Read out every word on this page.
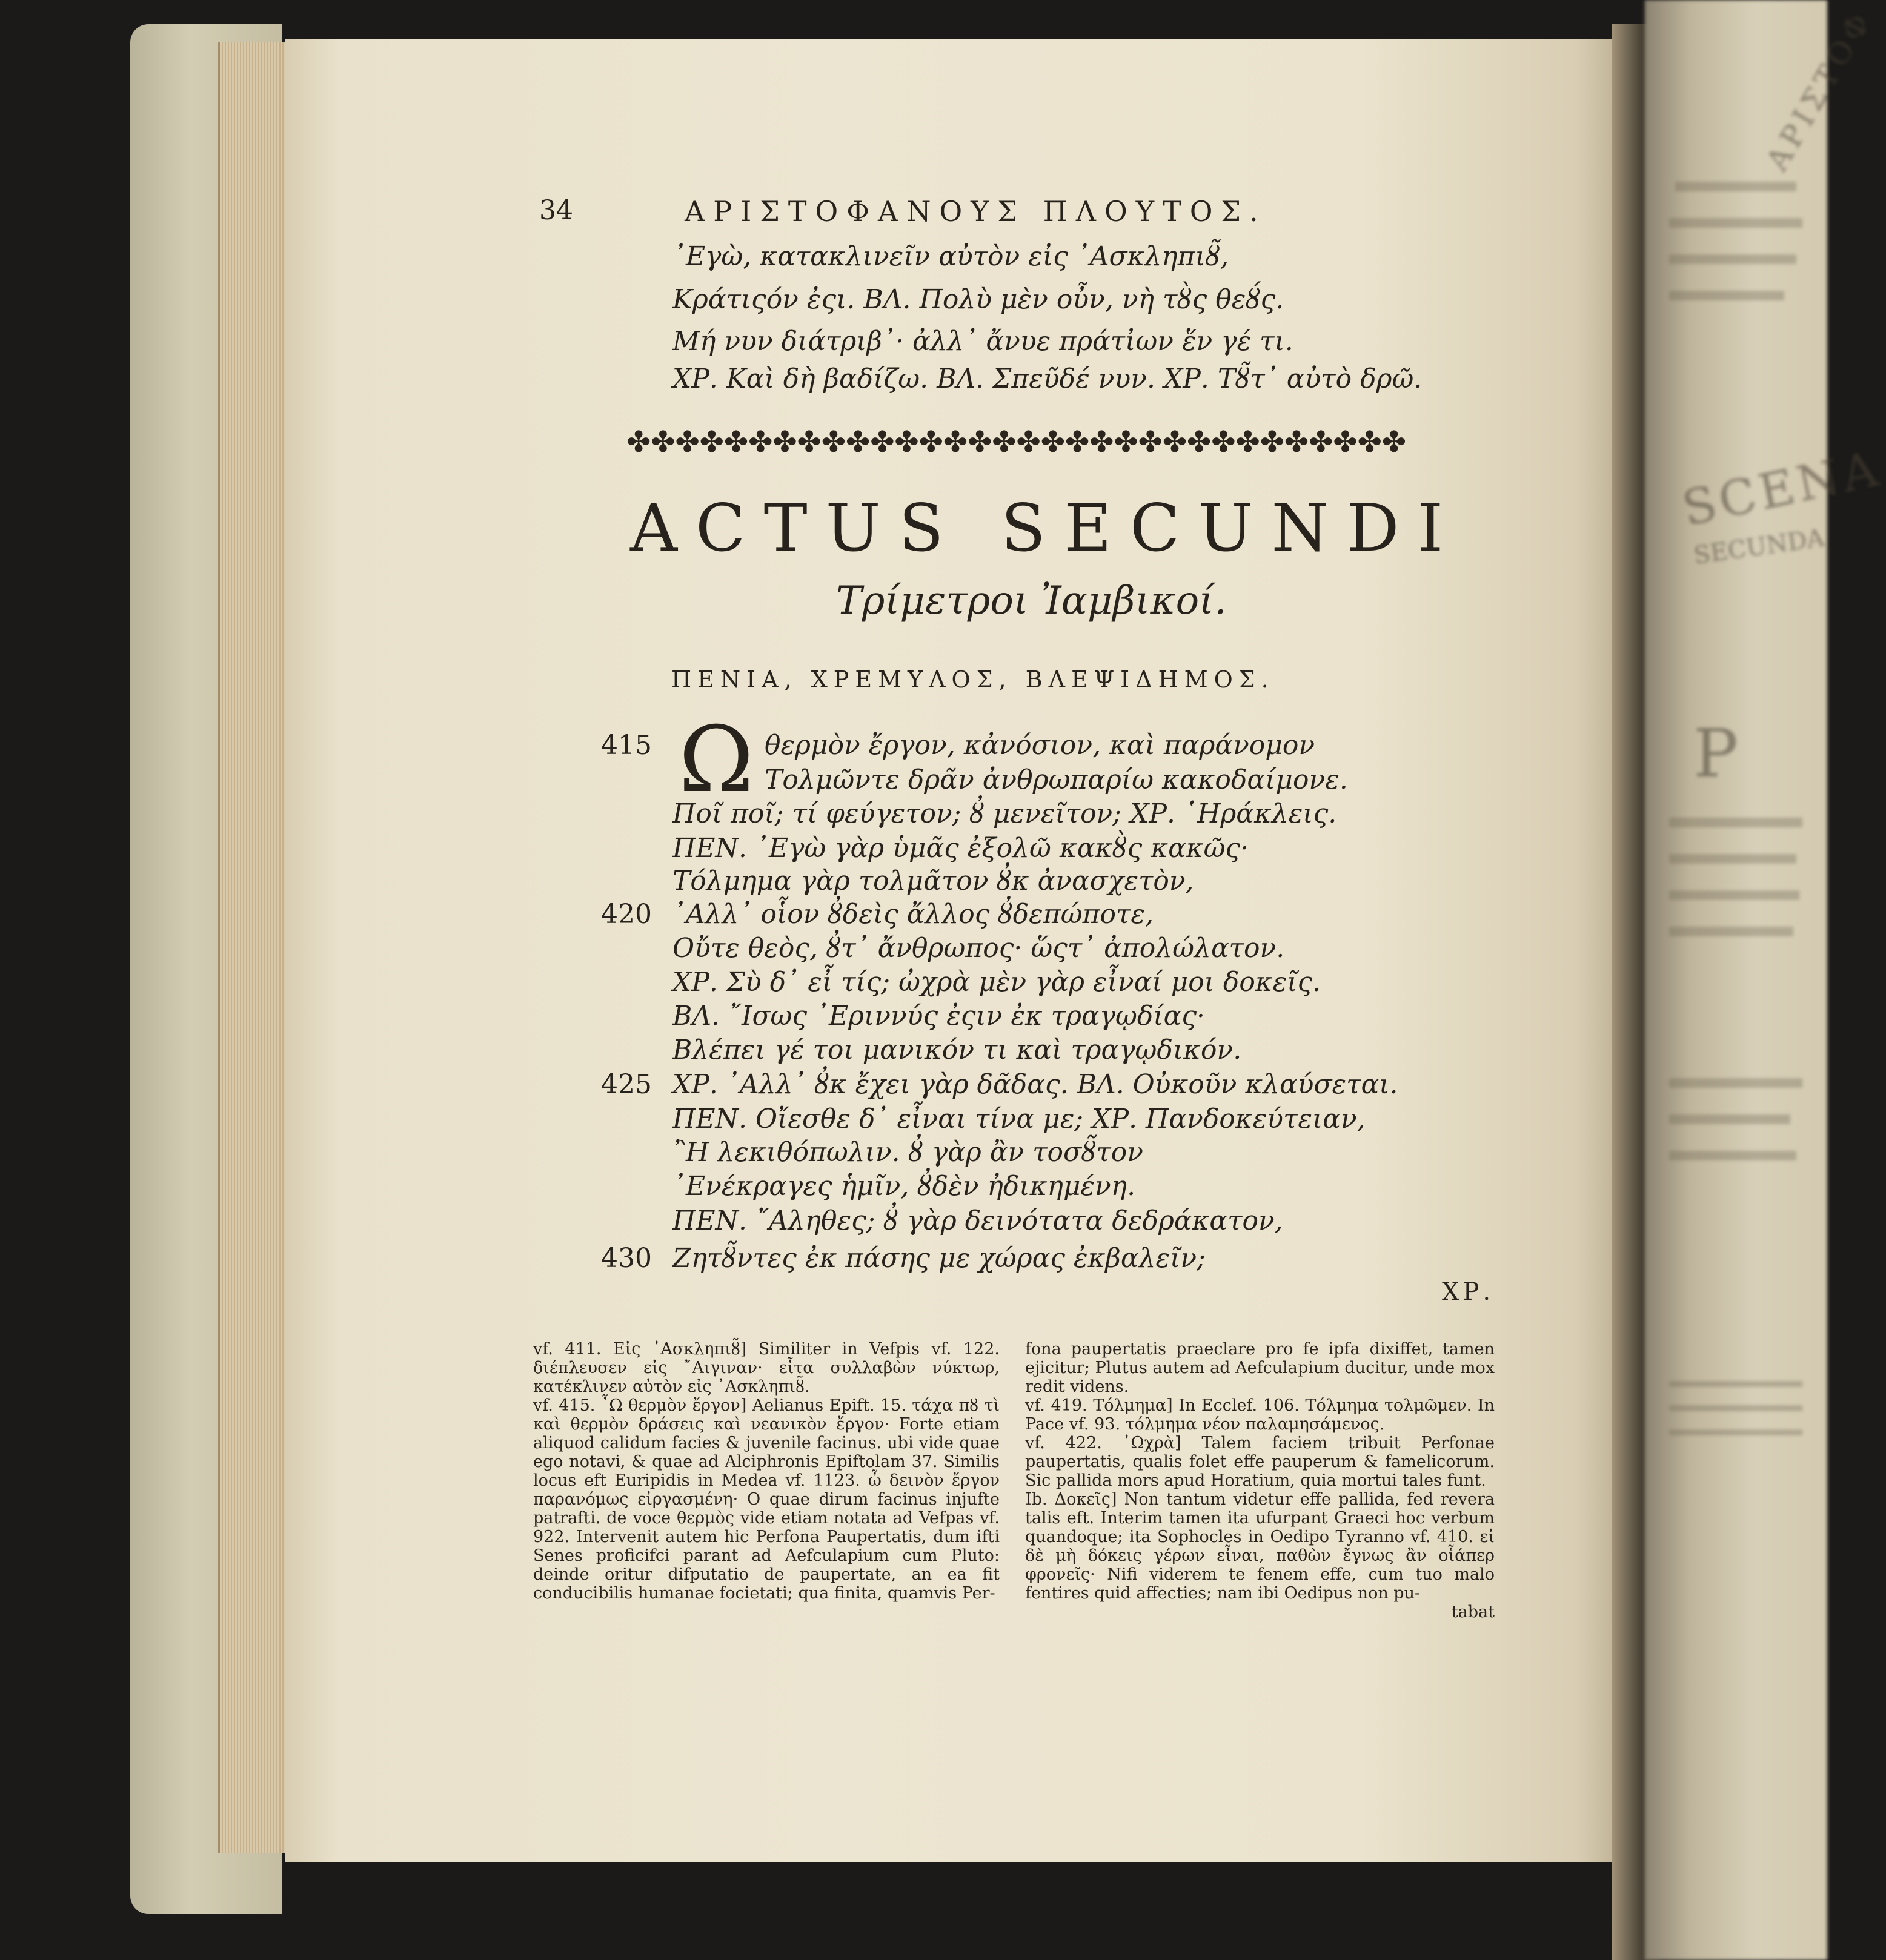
34	ΑΡΙΣΤΟΦΑΝΟΥΣ ΠΛΟΥΤΟΣ.
᾿Εγὼ, κατακλινεῖν αὐτὸν εἰς ᾿Ασκληπιȣ̃,
Κράτιςόν ἐςι. ΒΛ. Πολὺ μὲν οὖν, νὴ τȣ̀ς θεȣ́ς.
Μή νυν διάτριβ᾿· ἀλλ᾿ ἄνυε πράτἰων ἕν γέ τι.
ΧΡ. Καὶ δὴ βαδίζω. ΒΛ. Σπεῦδέ νυν. ΧΡ. Τȣ̃τ᾿ αὐτὸ δρῶ.
✤✤✤✤✤✤✤✤✤✤✤✤✤✤✤✤✤✤✤✤✤✤✤✤✤✤✤✤✤✤✤✤
ACTUS SECUNDI
Τρίμετροι Ἰαμβικοί.
ΠΕΝΙΑ, ΧΡΕΜΥΛΟΣ, ΒΛΕΨΙΔΗΜΟΣ.
415
420
425
430
Ω θερμὸν ἔργον, κἀνόσιον, καὶ παράνομον
Τολμῶντε δρᾶν ἀνθρωπαρίω κακοδαίμονε.
Ποῖ ποῖ; τί φεύγετον; ȣ̓ μενεῖτον; ΧΡ. ῾Ηράκλεις.
ΠΕΝ. ᾿Εγὼ γὰρ ὑμᾶς ἐξολῶ κακȣ̀ς κακῶς·
Τόλμημα γὰρ τολμᾶτον ȣ̓κ ἀνασχετὸν,
᾿Αλλ᾿ οἷον ȣ̓δεὶς ἄλλος ȣ̓δεπώποτε,
Οὔτε θεὸς, ȣ̓τ᾿ ἄνθρωπος· ὥςτ᾿ ἀπολώλατον.
ΧΡ. Σὺ δ᾿ εἶ τίς; ὠχρὰ μὲν γὰρ εἶναί μοι δοκεῖς.
ΒΛ. ῎Ισως ᾿Εριννύς ἐςιν ἐκ τραγῳδίας·
Βλέπει γέ τοι μανικόν τι καὶ τραγῳδικόν.
ΧΡ. ᾿Αλλ᾿ ȣ̓κ ἔχει γὰρ δᾶδας. ΒΛ. Οὐκοῦν κλαύσεται.
ΠΕΝ. Οἴεσθε δ᾿ εἶναι τίνα με; ΧΡ. Πανδοκεύτειαν,
῍Η λεκιθόπωλιν. ȣ̓ γὰρ ἂν τοσȣ̃τον
᾿Ενέκραγες ἡμῖν, ȣ̓δὲν ἠδικημένη.
ΠΕΝ. ῎Αληθες; ȣ̓ γὰρ δεινότατα δεδράκατον,
Ζητȣ̃ντες ἐκ πάσης με χώρας ἐκβαλεῖν;
ΧΡ.

vf. 411. Εἰς ᾿Ασκληπιȣ̃] Similiter in Vefpis vf. 122. διέπλευσεν εἰς ῎Αιγιναν· εἶτα συλλαβὼν νύκτωρ, κατέκλινεν αὐτὸν εἰς ᾿Ασκληπιȣ̃.

vf. 415. ῏Ω θερμὸν ἔργον] Aelianus Epift. 15. τάχα πȣ τὶ καὶ θερμὸν δράσεις καὶ νεανικὸν ἔργον· Forte etiam aliquod calidum facies & juvenile facinus. ubi vide quae ego notavi, & quae ad Alciphronis Epiftolam 37. Similis locus eft Euripidis in Medea vf. 1123. ὦ δεινὸν ἔργον παρανόμως εἰργασμένη· O quae dirum facinus injufte patrafti. de voce θερμὸς vide etiam notata ad Vefpas vf. 922. Intervenit autem hic Perfona Paupertatis, dum ifti Senes proficifci parant ad Aefculapium cum Pluto: deinde oritur difputatio de paupertate, an ea fit conducibilis humanae focietati; qua finita, quamvis Per-

fona paupertatis praeclare pro fe ipfa dixiffet, tamen ejicitur; Plutus autem ad Aefculapium ducitur, unde mox redit videns.

vf. 419. Τόλμημα] In Ecclef. 106. Τόλμημα τολμῶμεν. In Pace vf. 93. τόλμημα νέον παλαμησάμενος.

vf. 422. ᾿Ωχρὰ] Talem faciem tribuit Perfonae paupertatis, qualis folet effe pauperum & famelicorum. Sic pallida mors apud Horatium, quia mortui tales funt.

Ib. Δοκεῖς] Non tantum videtur effe pallida, fed revera talis eft. Interim tamen ita ufurpant Graeci hoc verbum quandoque; ita Sophocles in Oedipo Tyranno vf. 410. εἰ δὲ μὴ δόκεις γέρων εἶναι, παθὼν ἔγνως ἂν οἷάπερ φρονεῖς· Nifi viderem te fenem effe, cum tuo malo fentires quid affecties; nam ibi Oedipus non pu-

tabat

ΑΡΙΣΤΟΦ
SCENA
SECUNDA
P
